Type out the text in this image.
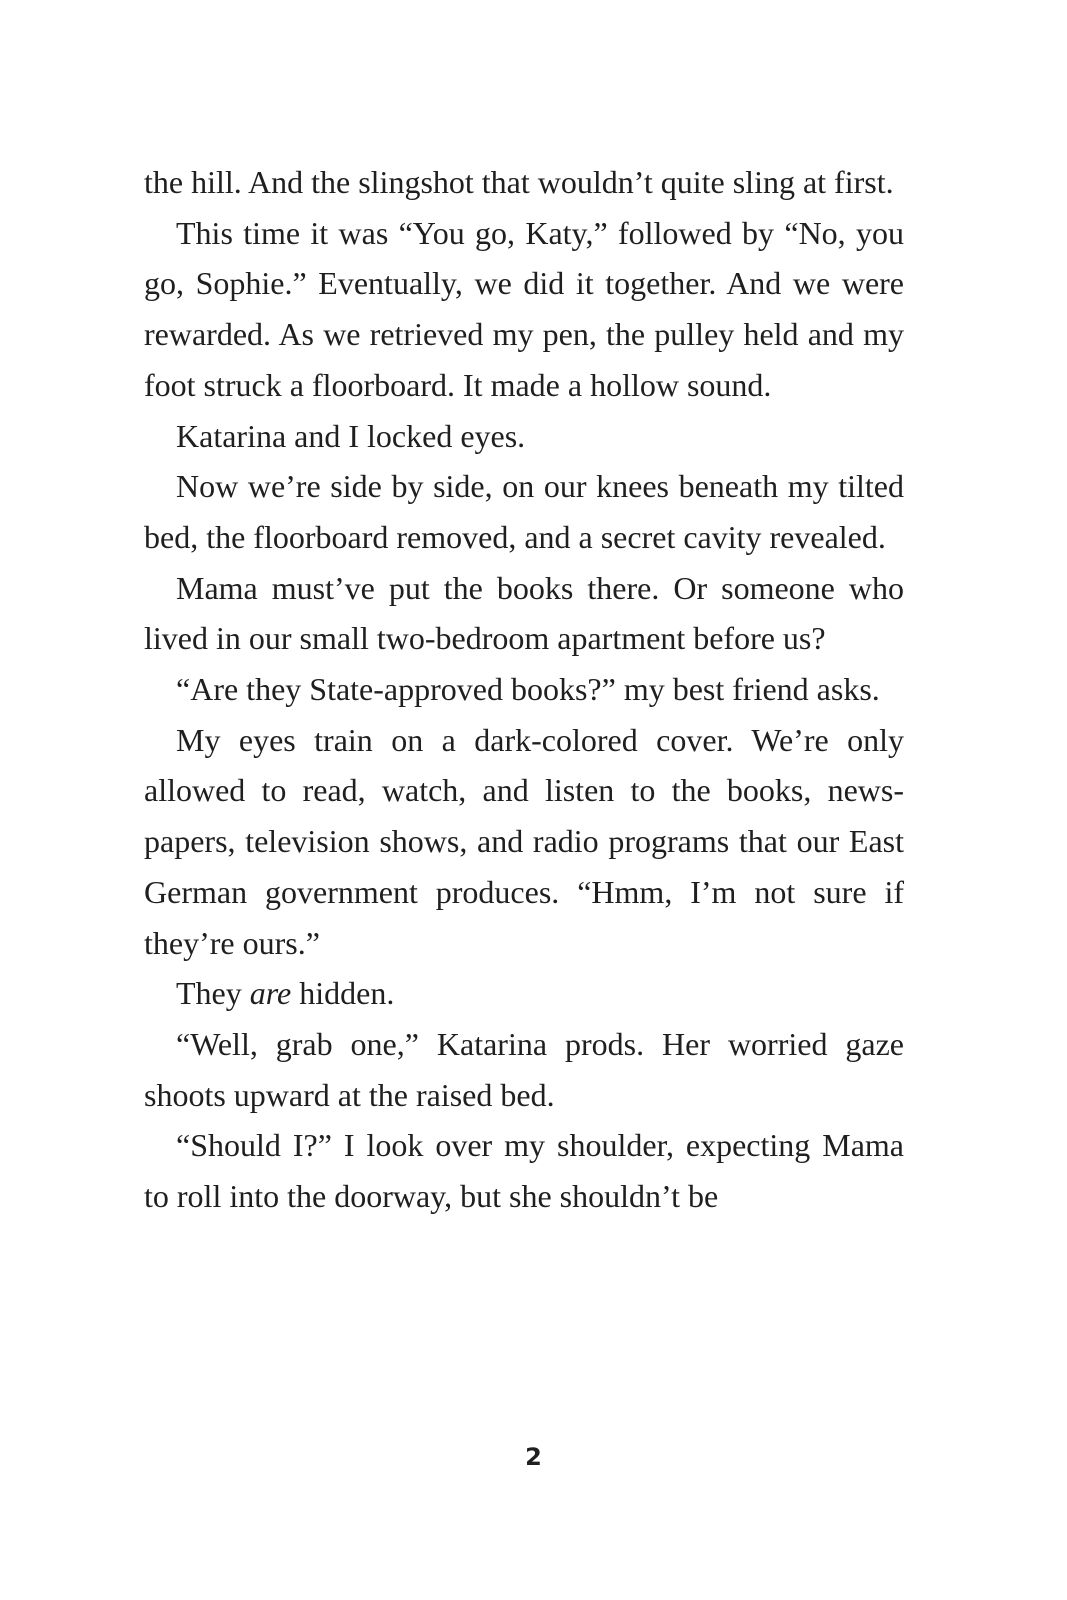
the hill. And the slingshot that wouldn’t quite sling at first.

This time it was “You go, Katy,” followed by “No, you go, Sophie.” Eventually, we did it together. And we were rewarded. As we retrieved my pen, the pulley held and my foot struck a floorboard. It made a hollow sound.

Katarina and I locked eyes.

Now we’re side by side, on our knees beneath my tilted bed, the floorboard removed, and a secret cavity revealed.

Mama must’ve put the books there. Or someone who lived in our small two-bedroom apartment before us?

“Are they State-approved books?” my best friend asks.

My eyes train on a dark-colored cover. We’re only allowed to read, watch, and listen to the books, newspapers, television shows, and radio programs that our East German government produces. “Hmm, I’m not sure if they’re ours.”

They are hidden.

“Well, grab one,” Katarina prods. Her worried gaze shoots upward at the raised bed.

“Should I?” I look over my shoulder, expecting Mama to roll into the doorway, but she shouldn’t be

2
